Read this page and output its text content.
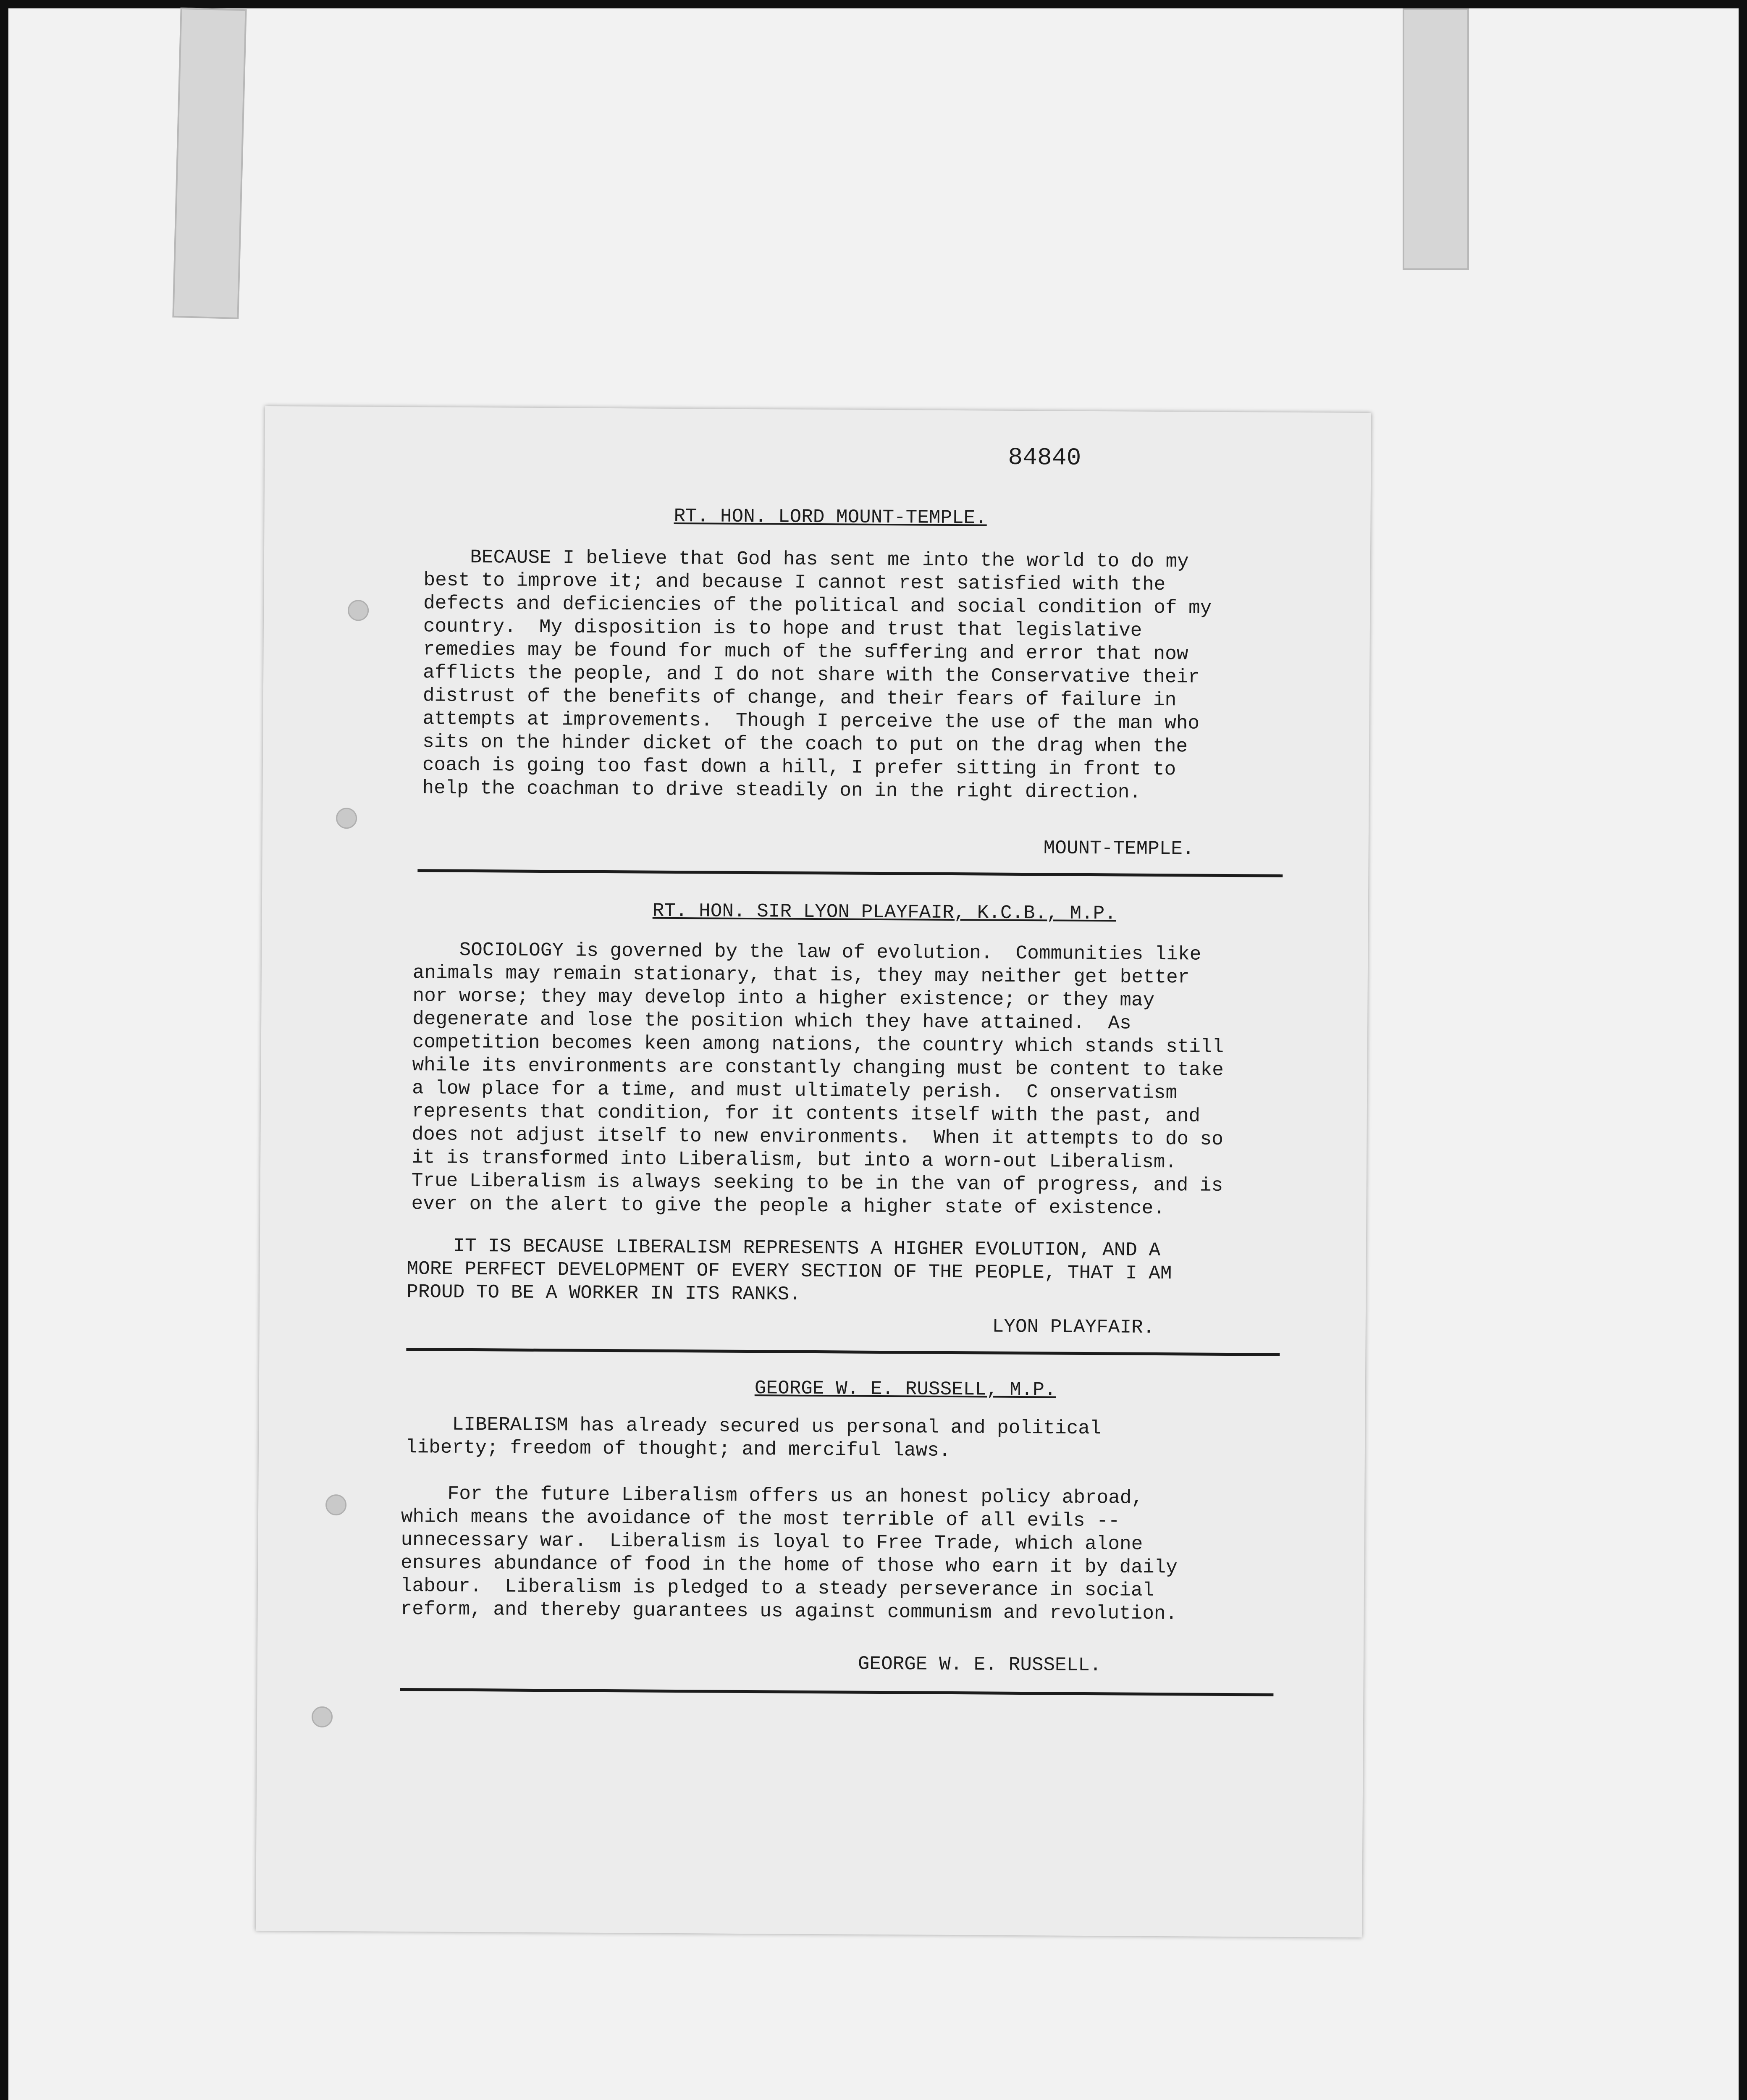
84840
RT. HON. LORD MOUNT-TEMPLE.
BECAUSE I believe that God has sent me into the world to do my
best to improve it; and because I cannot rest satisfied with the
defects and deficiencies of the political and social condition of my
country.  My disposition is to hope and trust that legislative
remedies may be found for much of the suffering and error that now
afflicts the people, and I do not share with the Conservative their
distrust of the benefits of change, and their fears of failure in
attempts at improvements.  Though I perceive the use of the man who
sits on the hinder dicket of the coach to put on the drag when the
coach is going too fast down a hill, I prefer sitting in front to
help the coachman to drive steadily on in the right direction.
MOUNT-TEMPLE.
RT. HON. SIR LYON PLAYFAIR, K.C.B., M.P.
SOCIOLOGY is governed by the law of evolution.  Communities like
animals may remain stationary, that is, they may neither get better
nor worse; they may develop into a higher existence; or they may
degenerate and lose the position which they have attained.  As
competition becomes keen among nations, the country which stands still
while its environments are constantly changing must be content to take
a low place for a time, and must ultimately perish.  C onservatism
represents that condition, for it contents itself with the past, and
does not adjust itself to new environments.  When it attempts to do so
it is transformed into Liberalism, but into a worn-out Liberalism.
True Liberalism is always seeking to be in the van of progress, and is
ever on the alert to give the people a higher state of existence.
IT IS BECAUSE LIBERALISM REPRESENTS A HIGHER EVOLUTION, AND A
MORE PERFECT DEVELOPMENT OF EVERY SECTION OF THE PEOPLE, THAT I AM
PROUD TO BE A WORKER IN ITS RANKS.
LYON PLAYFAIR.
GEORGE W. E. RUSSELL, M.P.
LIBERALISM has already secured us personal and political
liberty; freedom of thought; and merciful laws.
For the future Liberalism offers us an honest policy abroad,
which means the avoidance of the most terrible of all evils --
unnecessary war.  Liberalism is loyal to Free Trade, which alone
ensures abundance of food in the home of those who earn it by daily
labour.  Liberalism is pledged to a steady perseverance in social
reform, and thereby guarantees us against communism and revolution.
GEORGE W. E. RUSSELL.
